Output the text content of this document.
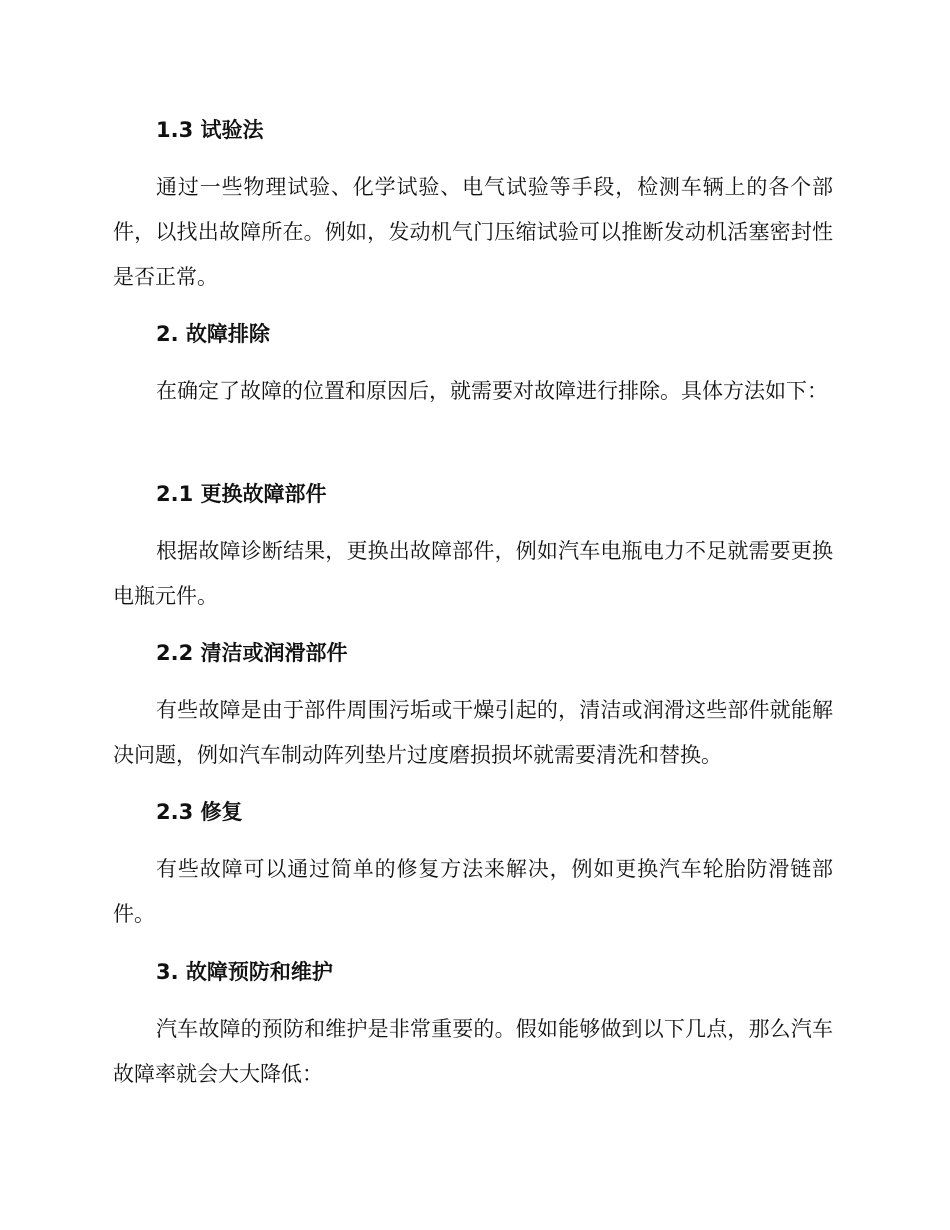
1.3 试验法
通过一些物理试验、化学试验、电气试验等手段，检测车辆上的各个部件，以找出故障所在。例如，发动机气门压缩试验可以推断发动机活塞密封性是否正常。
2. 故障排除
在确定了故障的位置和原因后，就需要对故障进行排除。具体方法如下：
2.1 更换故障部件
根据故障诊断结果，更换出故障部件，例如汽车电瓶电力不足就需要更换电瓶元件。
2.2 清洁或润滑部件
有些故障是由于部件周围污垢或干燥引起的，清洁或润滑这些部件就能解决问题，例如汽车制动阵列垫片过度磨损损坏就需要清洗和替换。
2.3 修复
有些故障可以通过简单的修复方法来解决，例如更换汽车轮胎防滑链部件。
3. 故障预防和维护
汽车故障的预防和维护是非常重要的。假如能够做到以下几点，那么汽车故障率就会大大降低：
